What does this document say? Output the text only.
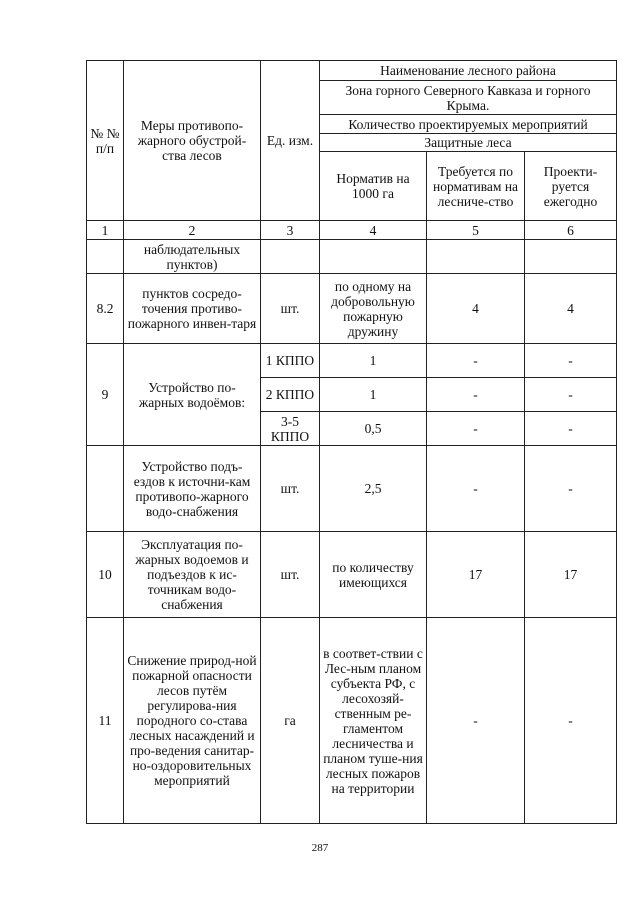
№ № п/п	Меры противопо-жарного обустрой-ства лесов	Ед. изм.	Наименование лесного района		
			Зона горного Северного Кавказа и горного Крыма.		
			Количество проектируемых мероприятий		
			Защитные леса		
			Норматив на 1000 га	Требуется по нормативам на лесниче-ство	Проекти-руется ежегодно
1	2	3	4	5	6
	наблюдательных пунктов)				
8.2	пунктов сосредо-точения противо-пожарного инвен-таря	шт.	по одному на добровольную пожарную дружину	4	4
9	Устройство по-жарных водоёмов:	1 КППО	1	-	-
		2 КППО	1	-	-
		3-5 КППО	0,5	-	-
	Устройство подъ-ездов к источни-кам противопо-жарного водо-снабжения	шт.	2,5	-	-
10	Эксплуатация по-жарных водоемов и подъездов к ис-точникам водо-снабжения	шт.	по количеству имеющихся	17	17
11	Снижение природ-ной пожарной опасности лесов путём регулирова-ния породного со-става лесных насаждений и про-ведения санитар-но-оздоровительных мероприятий	га	в соответ-ствии с Лес-ным планом субъекта РФ, с лесохозяй-ственным ре-гламентом лесничества и планом туше-ния лесных пожаров на территории	-	-
287
